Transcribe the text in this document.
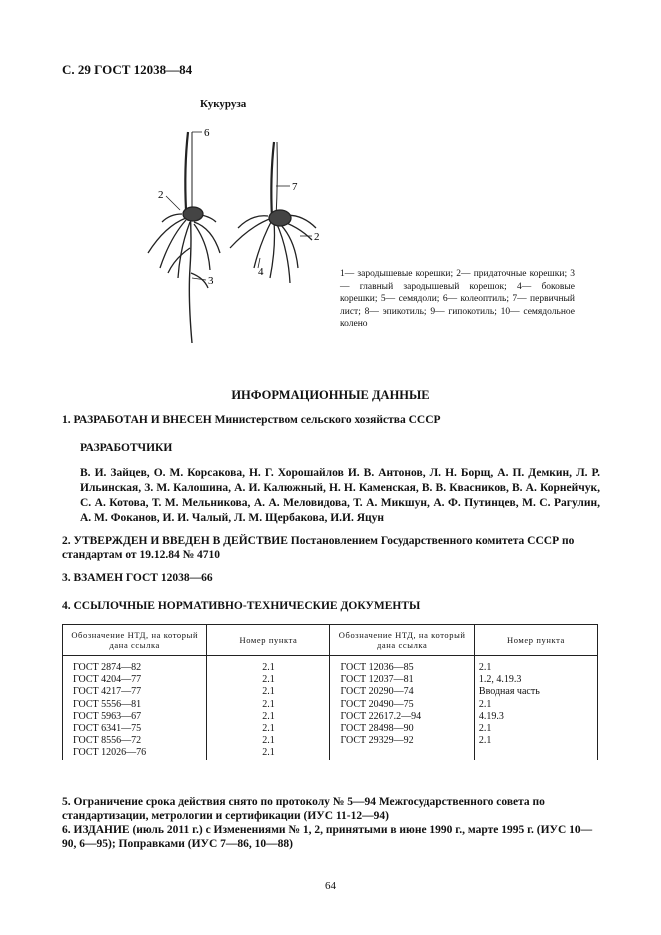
С. 29 ГОСТ 12038—84
Кукуруза
6
2
3
7
2
4	1— зародышевые корешки; 2— придаточные корешки; 3— главный зародышевый корешок; 4— боковые корешки; 5— семядоли; 6— колеоптиль; 7— первичный лист; 8— эпикотиль; 9— гипокотиль; 10— семядольное колено
ИНФОРМАЦИОННЫЕ ДАННЫЕ
1. РАЗРАБОТАН И ВНЕСЕН Министерством сельского хозяйства СССР
РАЗРАБОТЧИКИ
В. И. Зайцев, О. М. Корсакова, Н. Г. Хорошайлов И. В. Антонов, Л. Н. Борщ, А. П. Демкин, Л. Р. Ильинская, З. М. Калошина, А. И. Калюжный, Н. Н. Каменская, В. В. Квасников, В. А. Корнейчук, С. А. Котова, Т. М. Мельникова, А. А. Меловидова, Т. А. Микшун, А. Ф. Путинцев, М. С. Рагулин, А. М. Фоканов, И. И. Чалый, Л. М. Щербакова, И.И. Яцун
2. УТВЕРЖДЕН И ВВЕДЕН В ДЕЙСТВИЕ Постановлением Государственного комитета СССР по стандартам от 19.12.84 № 4710
3. ВЗАМЕН ГОСТ 12038—66
4. ССЫЛОЧНЫЕ НОРМАТИВНО-ТЕХНИЧЕСКИЕ ДОКУМЕНТЫ
Обозначение НТД, на который дана ссылка	Номер пункта	Обозначение НТД, на который дана ссылка	Номер пункта
ГОСТ 2874—82	2.1	ГОСТ 12036—85	2.1
ГОСТ 4204—77	2.1	ГОСТ 12037—81	1.2, 4.19.3
ГОСТ 4217—77	2.1	ГОСТ 20290—74	Вводная часть
ГОСТ 5556—81	2.1	ГОСТ 20490—75	2.1
ГОСТ 5963—67	2.1	ГОСТ 22617.2—94	4.19.3
ГОСТ 6341—75	2.1	ГОСТ 28498—90	2.1
ГОСТ 8556—72	2.1	ГОСТ 29329—92	2.1
ГОСТ 12026—76	2.1		
5. Ограничение срока действия снято по протоколу № 5—94 Межгосударственного совета по стандартизации, метрологии и сертификации (ИУС 11-12—94)
6. ИЗДАНИЕ (июль 2011 г.) с Изменениями № 1, 2, принятыми в июне 1990 г., марте 1995 г. (ИУС 10—90, 6—95); Поправками (ИУС 7—86, 10—88)
64
